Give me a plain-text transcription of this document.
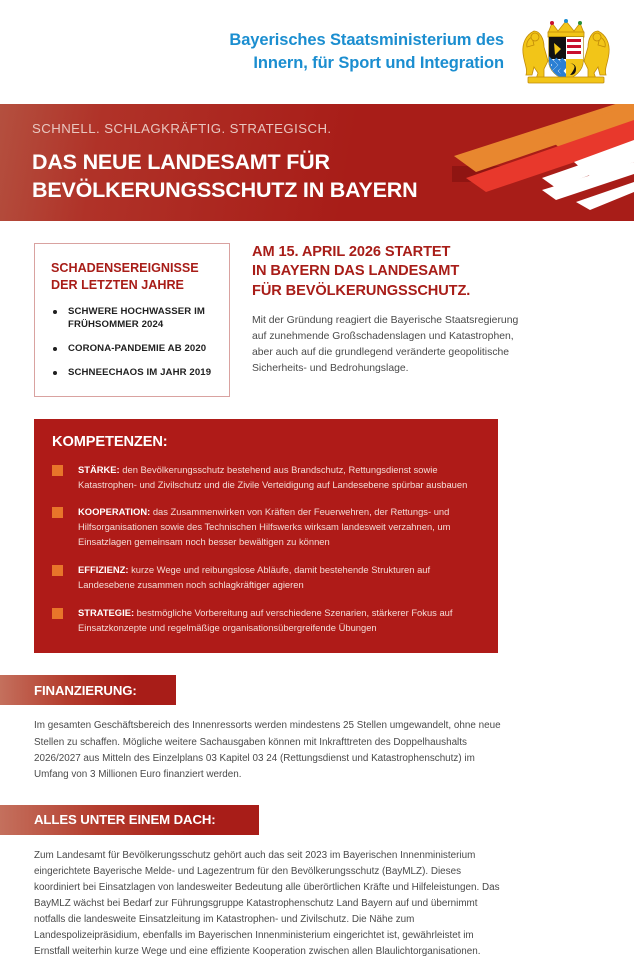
Bayerisches Staatsministerium des
Innern, für Sport und Integration
SCHNELL. SCHLAGKRÄFTIG. STRATEGISCH.
DAS NEUE LANDESAMT FÜR
BEVÖLKERUNGSSCHUTZ IN BAYERN
SCHADENSEREIGNISSE
DER LETZTEN JAHRE
SCHWERE HOCHWASSER IM FRÜHSOMMER 2024
CORONA-PANDEMIE AB 2020
SCHNEECHAOS IM JAHR 2019
AM 15. APRIL 2026 STARTET
IN BAYERN DAS LANDESAMT
FÜR BEVÖLKERUNGSSCHUTZ.
Mit der Gründung reagiert die Bayerische Staatsregierung auf zunehmende Großschadenslagen und Katastrophen, aber auch auf die grundlegend veränderte geopolitische Sicherheits- und Bedrohungslage.
KOMPETENZEN:
STÄRKE: den Bevölkerungsschutz bestehend aus Brandschutz, Rettungsdienst sowie Katastrophen- und Zivilschutz und die Zivile Verteidigung auf Landesebene spürbar ausbauen
KOOPERATION: das Zusammenwirken von Kräften der Feuerwehren, der Rettungs- und Hilfsorganisationen sowie des Technischen Hilfswerks wirksam landesweit verzahnen, um Einsatzlagen gemeinsam noch besser bewältigen zu können
EFFIZIENZ: kurze Wege und reibungslose Abläufe, damit bestehende Strukturen auf Landesebene zusammen noch schlagkräftiger agieren
STRATEGIE: bestmögliche Vorbereitung auf verschiedene Szenarien, stärkerer Fokus auf Einsatzkonzepte und regelmäßige organisationsübergreifende Übungen
FINANZIERUNG:
Im gesamten Geschäftsbereich des Innenressorts werden mindestens 25 Stellen umgewandelt, ohne neue Stellen zu schaffen. Mögliche weitere Sachausgaben können mit Inkrafttreten des Doppelhaushalts 2026/2027 aus Mitteln des Einzelplans 03 Kapitel 03 24 (Rettungsdienst und Katastrophenschutz) im Umfang von 3 Millionen Euro finanziert werden.
ALLES UNTER EINEM DACH:
Zum Landesamt für Bevölkerungsschutz gehört auch das seit 2023 im Bayerischen Innenministerium eingerichtete Bayerische Melde- und Lagezentrum für den Bevölkerungsschutz (BayMLZ). Dieses koordiniert bei Einsatzlagen von landesweiter Bedeutung alle überörtlichen Kräfte und Hilfeleistungen. Das BayMLZ wächst bei Bedarf zur Führungsgruppe Katastrophenschutz Land Bayern auf und übernimmt notfalls die landesweite Einsatzleitung im Katastrophen- und Zivilschutz. Die Nähe zum Landespolizeipräsidium, ebenfalls im Bayerischen Innenministerium eingerichtet ist, gewährleistet im Ernstfall weiterhin kurze Wege und eine effiziente Kooperation zwischen allen Blaulichtorganisationen.
